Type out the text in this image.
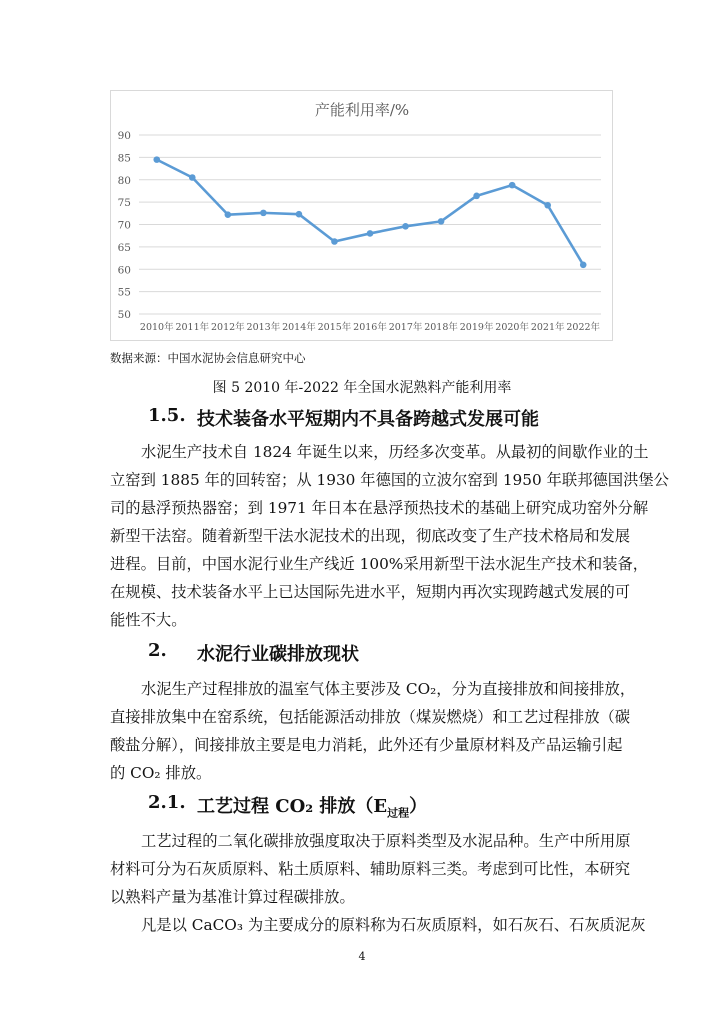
产能利用率/%
50
55
60
65
70
75
80
85
90
2010年 2011年 2012年 2013年 2014年 2015年 2016年 2017年 2018年 2019年 2020年 2021年 2022年
数据来源：中国水泥协会信息研究中心
图 5 2010 年-2022 年全国水泥熟料产能利用率
1.5. 技术装备水平短期内不具备跨越式发展可能
水泥生产技术自 1824 年诞生以来，历经多次变革。从最初的间歇作业的土
立窑到 1885 年的回转窑；从 1930 年德国的立波尔窑到 1950 年联邦德国洪堡公
司的悬浮预热器窑；到 1971 年日本在悬浮预热技术的基础上研究成功窑外分解
新型干法窑。随着新型干法水泥技术的出现，彻底改变了生产技术格局和发展
进程。目前，中国水泥行业生产线近 100%采用新型干法水泥生产技术和装备，
在规模、技术装备水平上已达国际先进水平，短期内再次实现跨越式发展的可
能性不大。
2. 水泥行业碳排放现状
水泥生产过程排放的温室气体主要涉及 CO₂，分为直接排放和间接排放，
直接排放集中在窑系统，包括能源活动排放（煤炭燃烧）和工艺过程排放（碳
酸盐分解），间接排放主要是电力消耗，此外还有少量原材料及产品运输引起
的 CO₂ 排放。
2.1. 工艺过程 CO₂ 排放$(E_{过程})$
工艺过程的二氧化碳排放强度取决于原料类型及水泥品种。生产中所用原
材料可分为石灰质原料、粘土质原料、辅助原料三类。考虑到可比性，本研究
以熟料产量为基准计算过程碳排放。
凡是以 CaCO₃ 为主要成分的原料称为石灰质原料，如石灰石、石灰质泥灰
4
